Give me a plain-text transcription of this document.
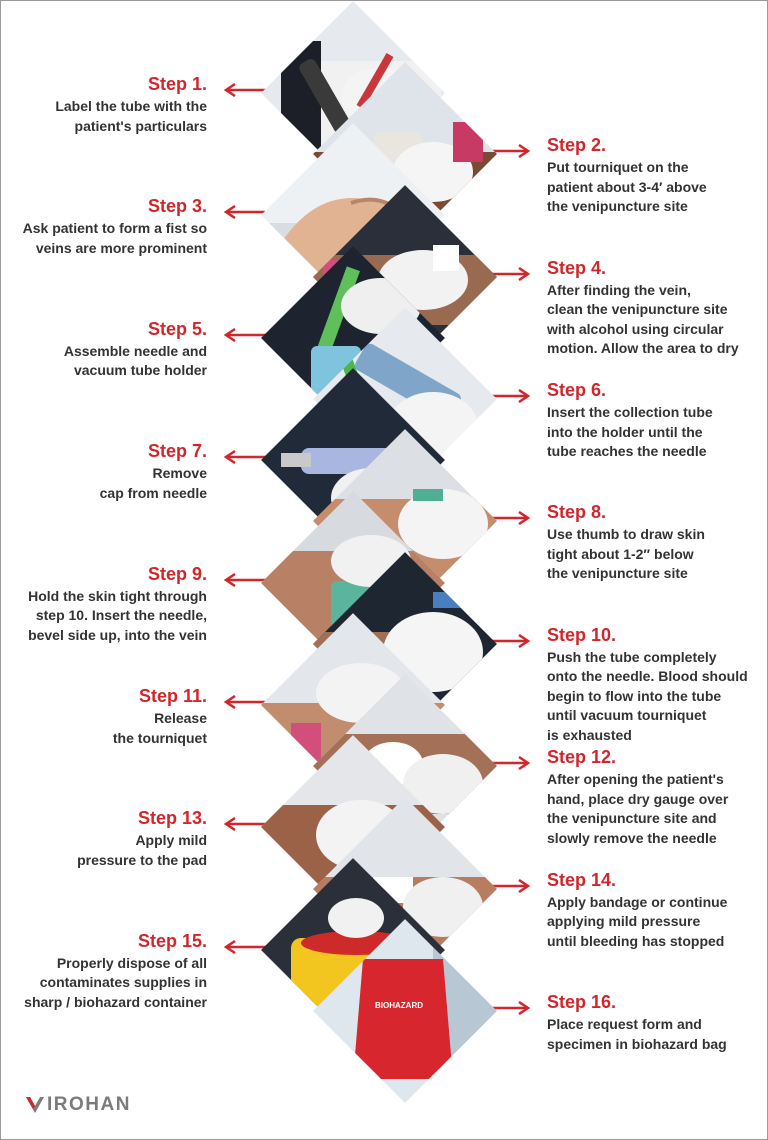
BIOHAZARD
Step 1.
Label the tube with the
patient's particulars
Step 2.
Put tourniquet on the
patient about 3-4′ above
the venipuncture site
Step 3.
Ask patient to form a fist so
veins are more prominent
Step 4.
After finding the vein,
clean the venipuncture site
with alcohol using circular
motion. Allow the area to dry
Step 5.
Assemble needle and
vacuum tube holder
Step 6.
Insert the collection tube
into the holder until the
tube reaches the needle
Step 7.
Remove
cap from needle
Step 8.
Use thumb to draw skin
tight about 1-2″ below
the venipuncture site
Step 9.
Hold the skin tight through
step 10. Insert the needle,
bevel side up, into the vein	Step 10.
Push the tube completely
onto the needle. Blood should
begin to flow into the tube
until vacuum tourniquet
is exhausted
Step 11.
Release
the tourniquet
Step 12.
After opening the patient's
hand, place dry gauge over
the venipuncture site and
slowly remove the needle
Step 13.
Apply mild
pressure to the pad
Step 14.
Apply bandage or continue
applying mild pressure
until bleeding has stopped
Step 15.
Properly dispose of all
contaminates supplies in
sharp / biohazard container	Step 16.
Place request form and
specimen in biohazard bag
IROHAN
